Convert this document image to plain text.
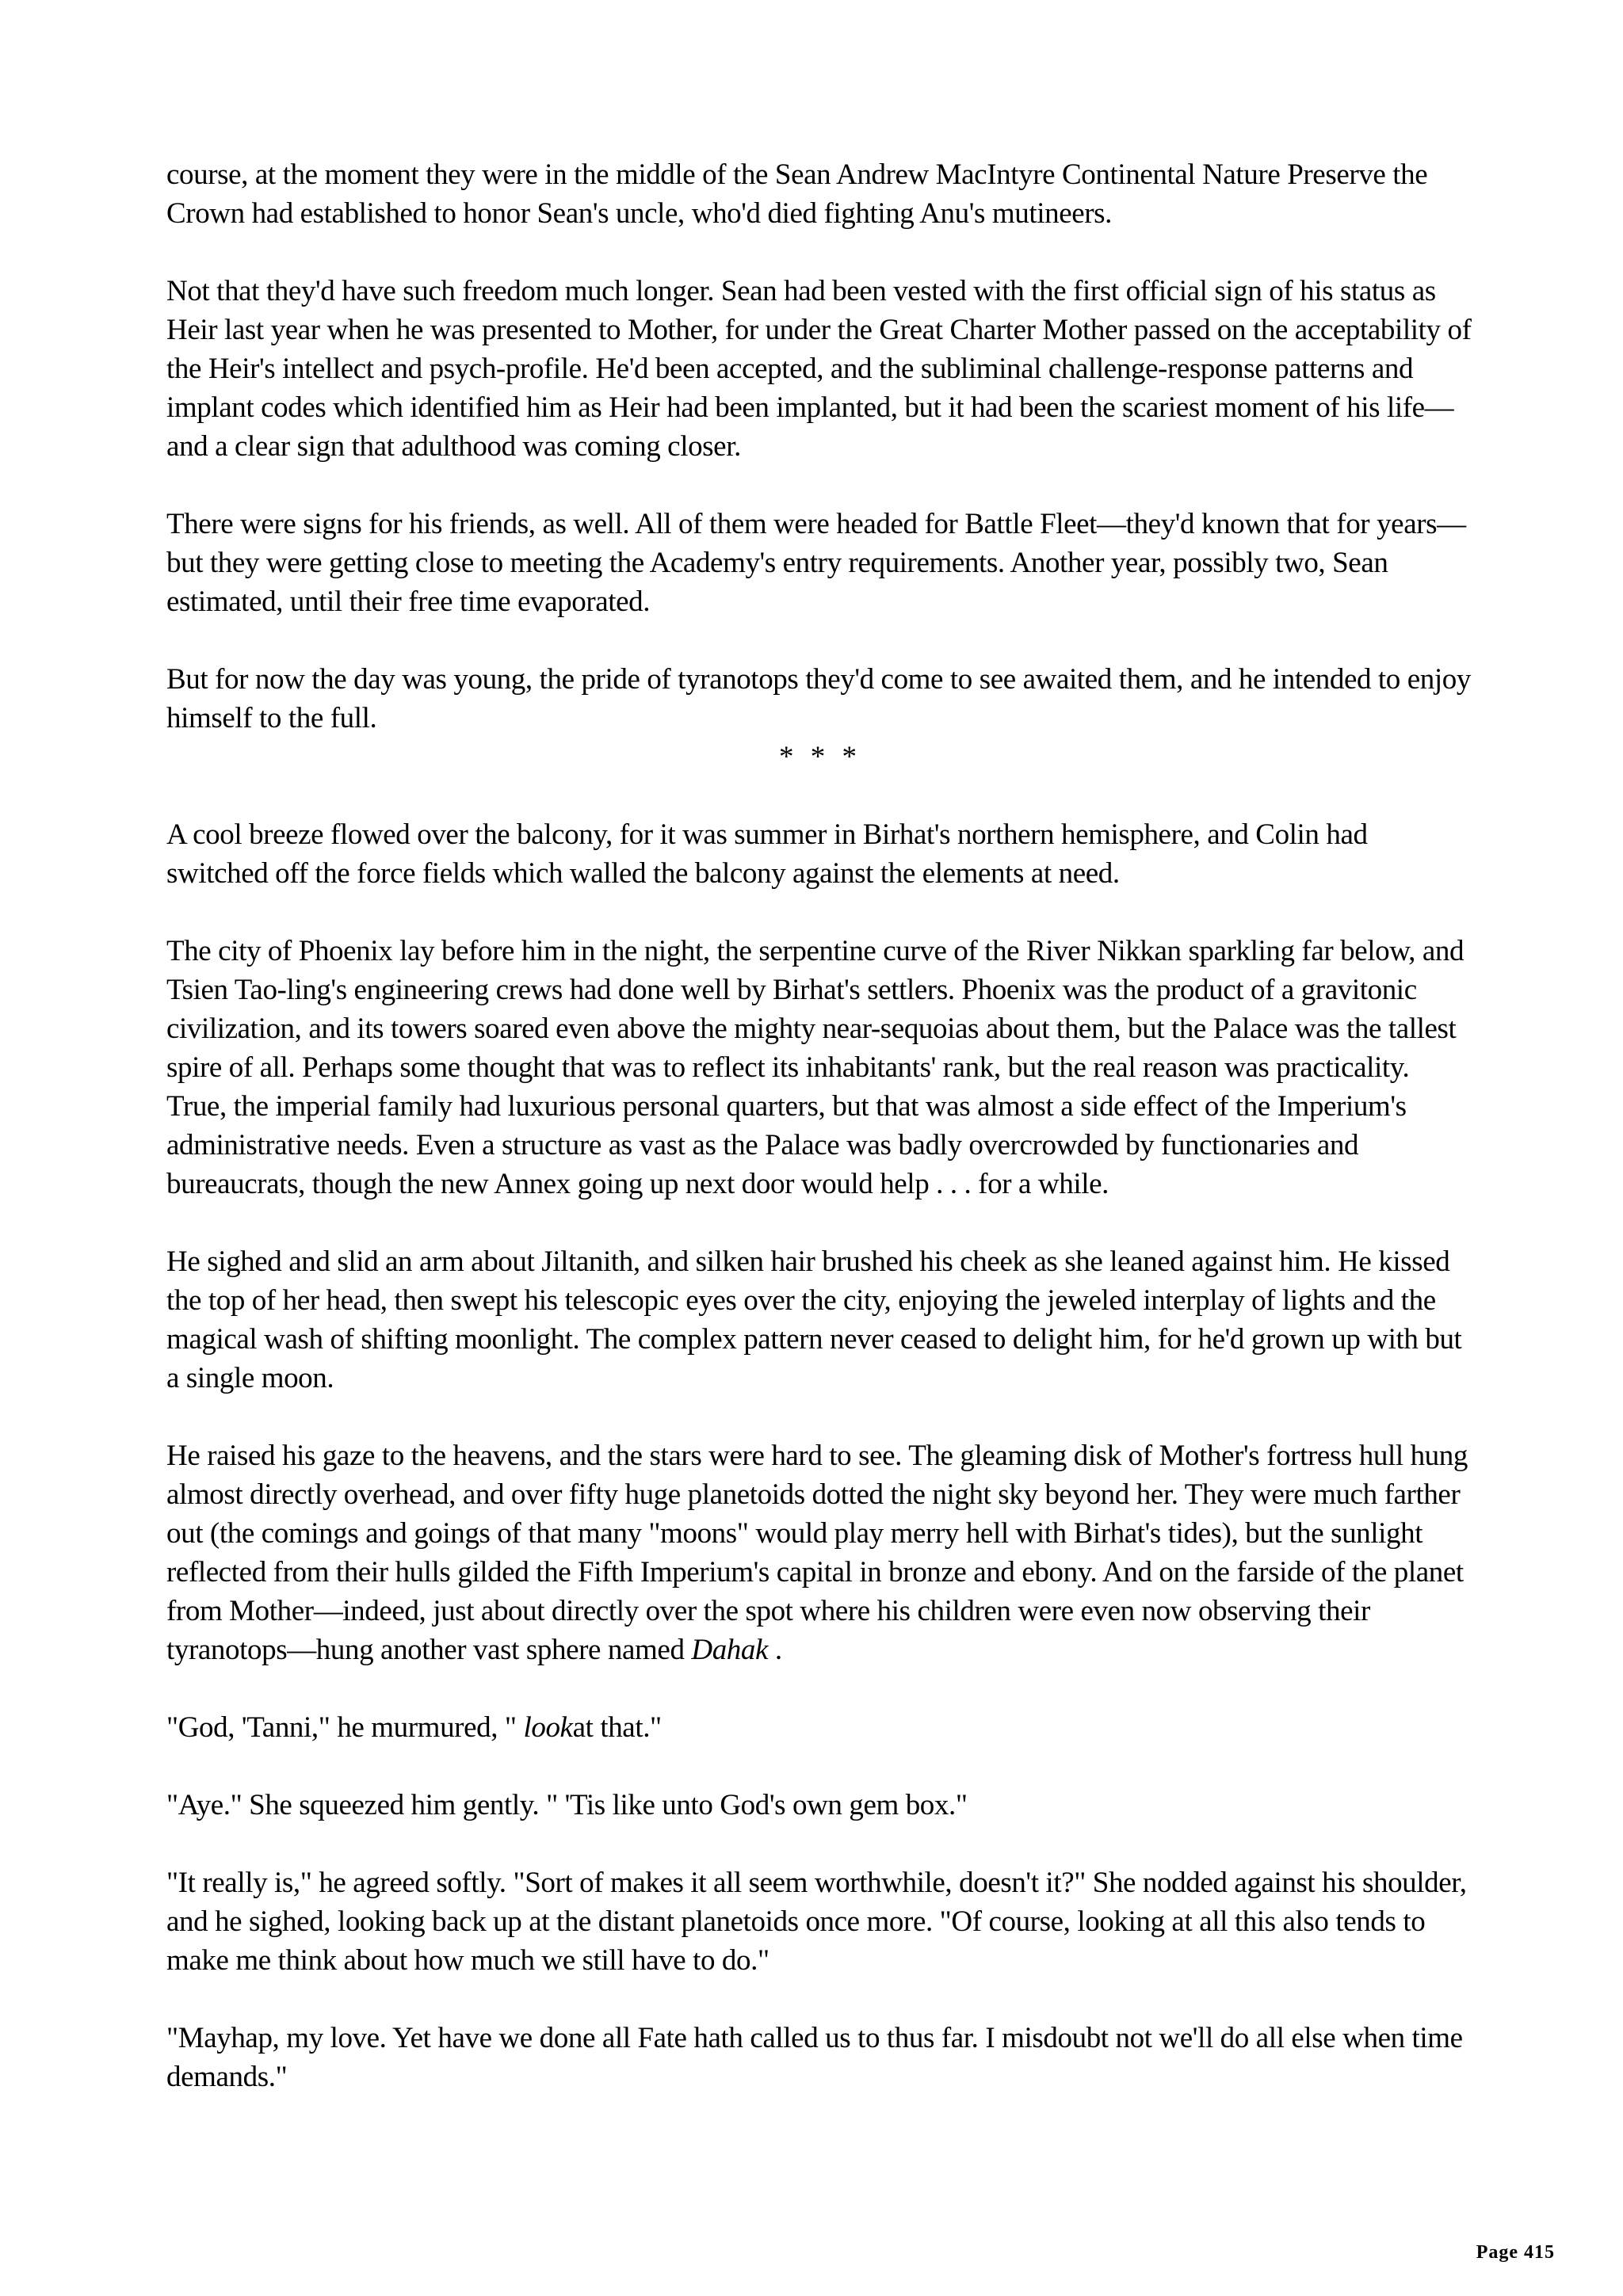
course, at the moment they were in the middle of the Sean Andrew MacIntyre Continental Nature Preserve the Crown had established to honor Sean's uncle, who'd died fighting Anu's mutineers.

Not that they'd have such freedom much longer. Sean had been vested with the first official sign of his status as Heir last year when he was presented to Mother, for under the Great Charter Mother passed on the acceptability of the Heir's intellect and psych-profile. He'd been accepted, and the subliminal challenge-response patterns and implant codes which identified him as Heir had been implanted, but it had been the scariest moment of his life—and a clear sign that adulthood was coming closer.

There were signs for his friends, as well. All of them were headed for Battle Fleet—they'd known that for years—but they were getting close to meeting the Academy's entry requirements. Another year, possibly two, Sean estimated, until their free time evaporated.

But for now the day was young, the pride of tyranotops they'd come to see awaited them, and he intended to enjoy himself to the full.

* * *

A cool breeze flowed over the balcony, for it was summer in Birhat's northern hemisphere, and Colin had switched off the force fields which walled the balcony against the elements at need.

The city of Phoenix lay before him in the night, the serpentine curve of the River Nikkan sparkling far below, and Tsien Tao-ling's engineering crews had done well by Birhat's settlers. Phoenix was the product of a gravitonic civilization, and its towers soared even above the mighty near-sequoias about them, but the Palace was the tallest spire of all. Perhaps some thought that was to reflect its inhabitants' rank, but the real reason was practicality. True, the imperial family had luxurious personal quarters, but that was almost a side effect of the Imperium's administrative needs. Even a structure as vast as the Palace was badly overcrowded by functionaries and bureaucrats, though the new Annex going up next door would help . . . for a while.

He sighed and slid an arm about Jiltanith, and silken hair brushed his cheek as she leaned against him. He kissed the top of her head, then swept his telescopic eyes over the city, enjoying the jeweled interplay of lights and the magical wash of shifting moonlight. The complex pattern never ceased to delight him, for he'd grown up with but a single moon.

He raised his gaze to the heavens, and the stars were hard to see. The gleaming disk of Mother's fortress hull hung almost directly overhead, and over fifty huge planetoids dotted the night sky beyond her. They were much farther out (the comings and goings of that many "moons" would play merry hell with Birhat's tides), but the sunlight reflected from their hulls gilded the Fifth Imperium's capital in bronze and ebony. And on the farside of the planet from Mother—indeed, just about directly over the spot where his children were even now observing their tyranotops—hung another vast sphere named Dahak .

"God, 'Tanni," he murmured, " lookat that."

"Aye." She squeezed him gently. " 'Tis like unto God's own gem box."

"It really is," he agreed softly. "Sort of makes it all seem worthwhile, doesn't it?" She nodded against his shoulder, and he sighed, looking back up at the distant planetoids once more. "Of course, looking at all this also tends to make me think about how much we still have to do."

"Mayhap, my love. Yet have we done all Fate hath called us to thus far. I misdoubt not we'll do all else when time demands."

Page 415
